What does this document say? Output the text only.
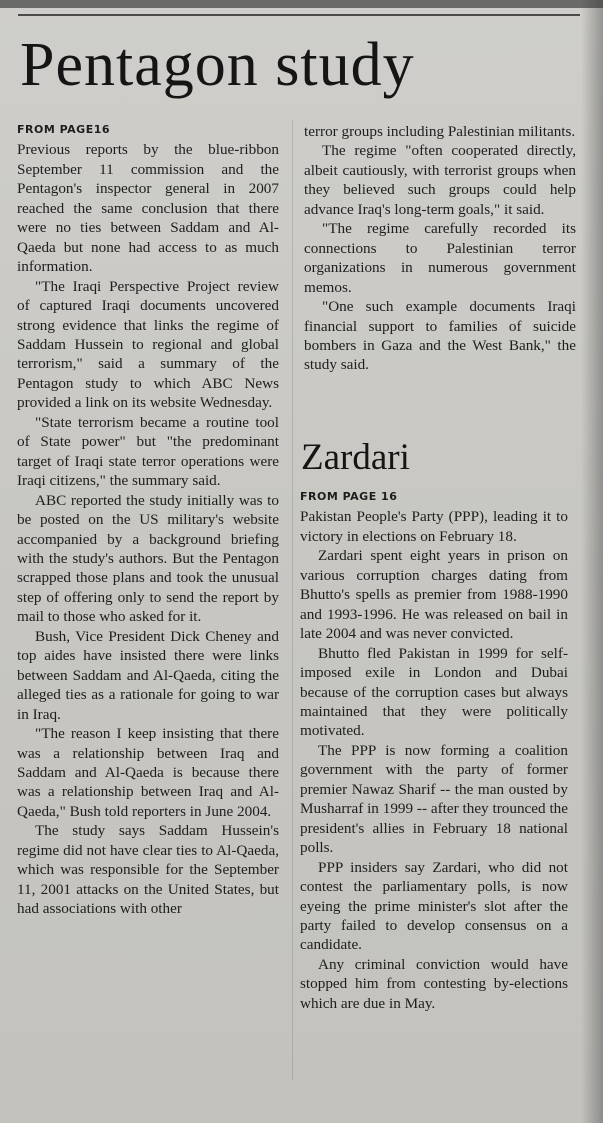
Pentagon study
FROM PAGE16

Previous reports by the blue-ribbon September 11 commission and the Pentagon's inspector general in 2007 reached the same conclusion that there were no ties between Saddam and Al-Qaeda but none had access to as much information.

"The Iraqi Perspective Project review of captured Iraqi documents uncovered strong evidence that links the regime of Saddam Hussein to regional and global terrorism," said a summary of the Pentagon study to which ABC News provided a link on its website Wednesday.

"State terrorism became a routine tool of State power" but "the predominant target of Iraqi state terror operations were Iraqi citizens," the summary said.

ABC reported the study initially was to be posted on the US military's website accompanied by a background briefing with the study's authors. But the Pentagon scrapped those plans and took the unusual step of offering only to send the report by mail to those who asked for it.

Bush, Vice President Dick Cheney and top aides have insisted there were links between Saddam and Al-Qaeda, citing the alleged ties as a rationale for going to war in Iraq.

"The reason I keep insisting that there was a relationship between Iraq and Saddam and Al-Qaeda is because there was a relationship between Iraq and Al-Qaeda," Bush told reporters in June 2004.

The study says Saddam Hussein's regime did not have clear ties to Al-Qaeda, which was responsible for the September 11, 2001 attacks on the United States, but had associations with other

terror groups including Palestinian militants.

The regime "often cooperated directly, albeit cautiously, with terrorist groups when they believed such groups could help advance Iraq's long-term goals," it said.

"The regime carefully recorded its connections to Palestinian terror organizations in numerous government memos.

"One such example documents Iraqi financial support to families of suicide bombers in Gaza and the West Bank," the study said.

Zardari
FROM PAGE 16

Pakistan People's Party (PPP), leading it to victory in elections on February 18.

Zardari spent eight years in prison on various corruption charges dating from Bhutto's spells as premier from 1988-1990 and 1993-1996. He was released on bail in late 2004 and was never convicted.

Bhutto fled Pakistan in 1999 for self-imposed exile in London and Dubai because of the corruption cases but always maintained that they were politically motivated.

The PPP is now forming a coalition government with the party of former premier Nawaz Sharif -- the man ousted by Musharraf in 1999 -- after they trounced the president's allies in February 18 national polls.

PPP insiders say Zardari, who did not contest the parliamentary polls, is now eyeing the prime minister's slot after the party failed to develop consensus on a candidate.

Any criminal conviction would have stopped him from contesting by-elections which are due in May.
